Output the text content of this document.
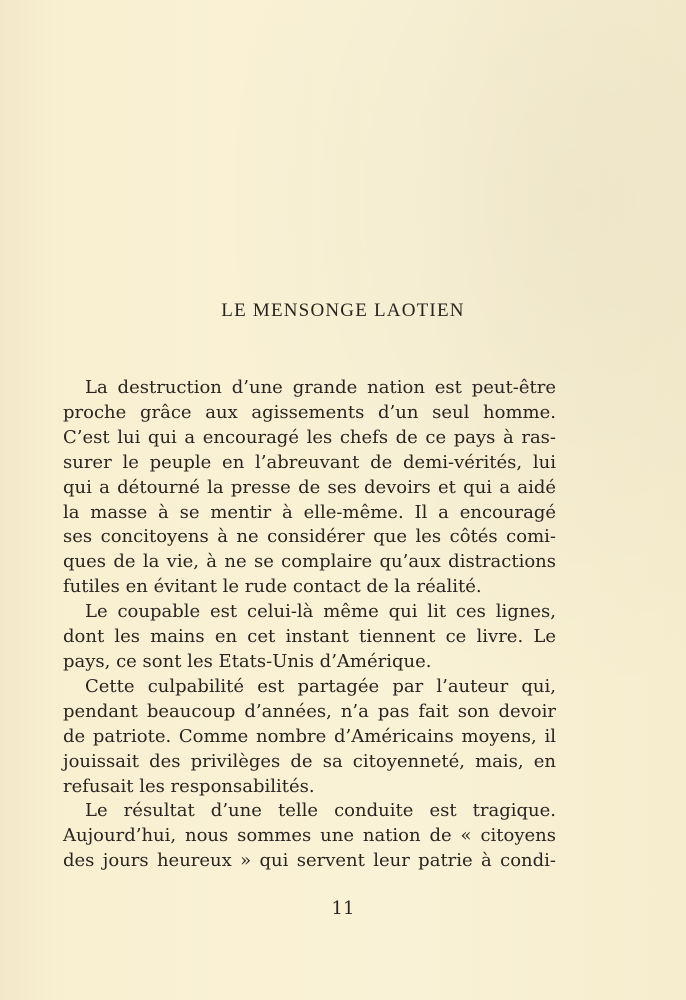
LE MENSONGE LAOTIEN

La destruction d’une grande nation est peut-être
proche grâce aux agissements d’un seul homme.
C’est lui qui a encouragé les chefs de ce pays à ras-
surer le peuple en l’abreuvant de demi-vérités, lui
qui a détourné la presse de ses devoirs et qui a aidé
la masse à se mentir à elle-même. Il a encouragé
ses concitoyens à ne considérer que les côtés comi-
ques de la vie, à ne se complaire qu’aux distractions
futiles en évitant le rude contact de la réalité.

Le coupable est celui-là même qui lit ces lignes,
dont les mains en cet instant tiennent ce livre. Le
pays, ce sont les Etats-Unis d’Amérique.

Cette culpabilité est partagée par l’auteur qui,
pendant beaucoup d’années, n’a pas fait son devoir
de patriote. Comme nombre d’Américains moyens, il
jouissait des privilèges de sa citoyenneté, mais, en
refusait les responsabilités.

Le résultat d’une telle conduite est tragique.
Aujourd’hui, nous sommes une nation de « citoyens
des jours heureux » qui servent leur patrie à condi-

11
